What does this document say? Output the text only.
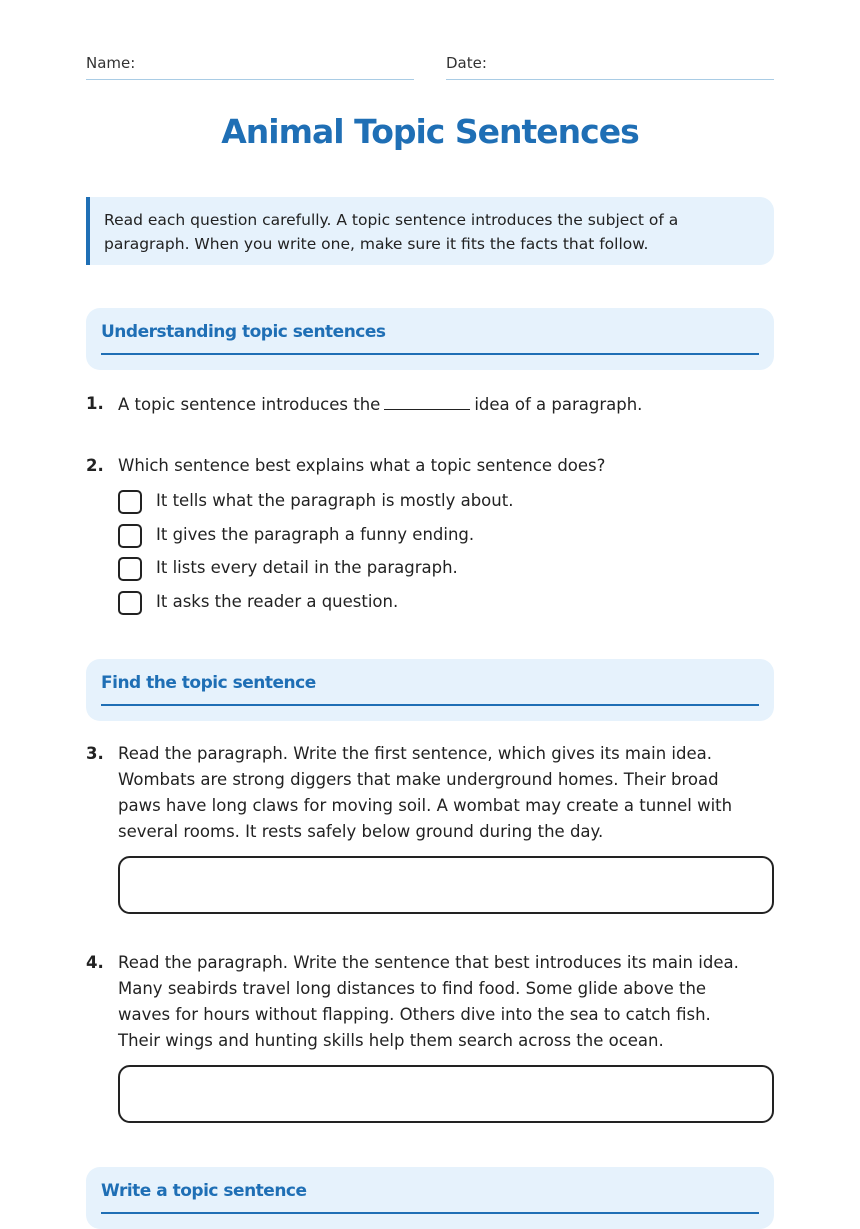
Name:	Date:
Animal Topic Sentences
Read each question carefully. A topic sentence introduces the subject of a paragraph. When you write one, make sure it fits the facts that follow.
Understanding topic sentences
1. A topic sentence introduces the	idea of a paragraph.
2. Which sentence best explains what a topic sentence does?
It tells what the paragraph is mostly about.
It gives the paragraph a funny ending.
It lists every detail in the paragraph.
It asks the reader a question.
Find the topic sentence
3. Read the paragraph. Write the first sentence, which gives its main idea. Wombats are strong diggers that make underground homes. Their broad paws have long claws for moving soil. A wombat may create a tunnel with several rooms. It rests safely below ground during the day.
4. Read the paragraph. Write the sentence that best introduces its main idea. Many seabirds travel long distances to find food. Some glide above the waves for hours without flapping. Others dive into the sea to catch fish. Their wings and hunting skills help them search across the ocean.
Write a topic sentence
